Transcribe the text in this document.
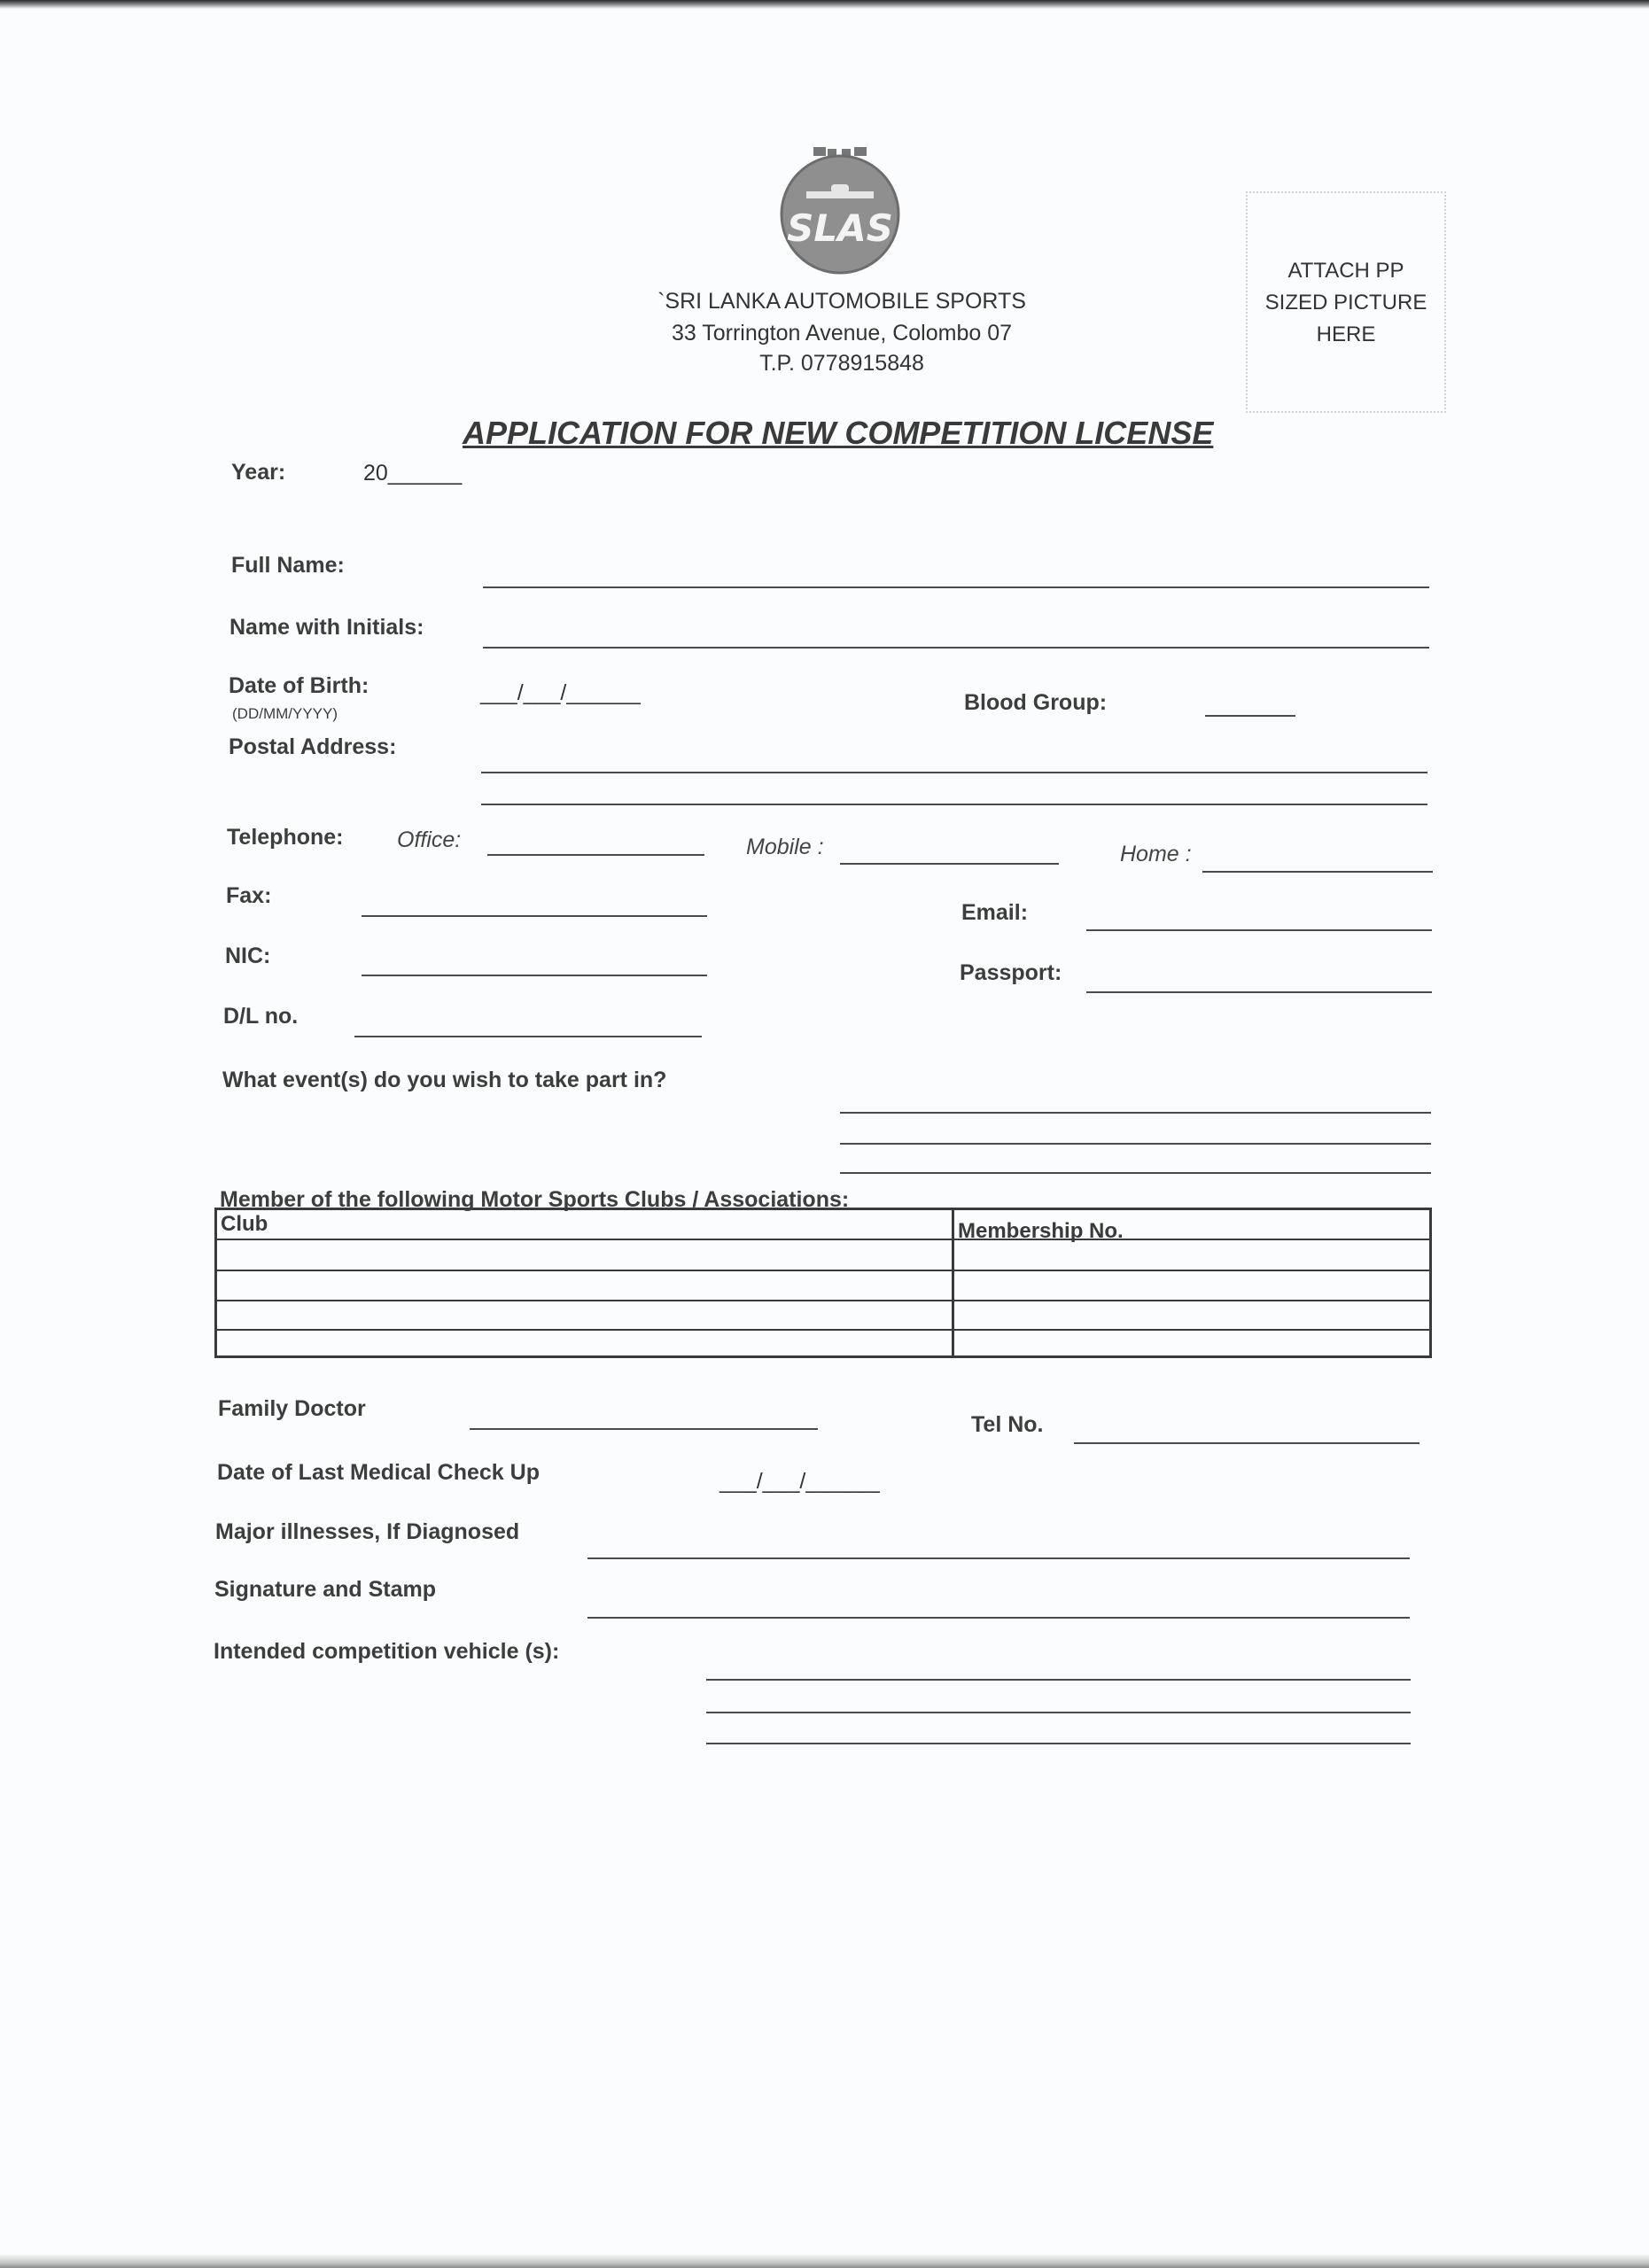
SLAS
`SRI LANKA AUTOMOBILE SPORTS
33 Torrington Avenue, Colombo 07
T.P. 0778915848
ATTACH PP
SIZED PICTURE
HERE
APPLICATION FOR NEW COMPETITION LICENSE
Year:	20______
Full Name:
Name with Initials:
Date of Birth:
(DD/MM/YYYY)
___/___/______	Blood Group:
Postal Address:
Telephone: Office:	Mobile :	Home :
Fax:
Email:
NIC:
Passport:
D/L no.
What event(s) do you wish to take part in?
Member of the following Motor Sports Clubs / Associations:
Club	Membership No.
Family Doctor
Tel No.
Date of Last Medical Check Up	___/___/______
Major illnesses, If Diagnosed
Signature and Stamp
Intended competition vehicle (s):
